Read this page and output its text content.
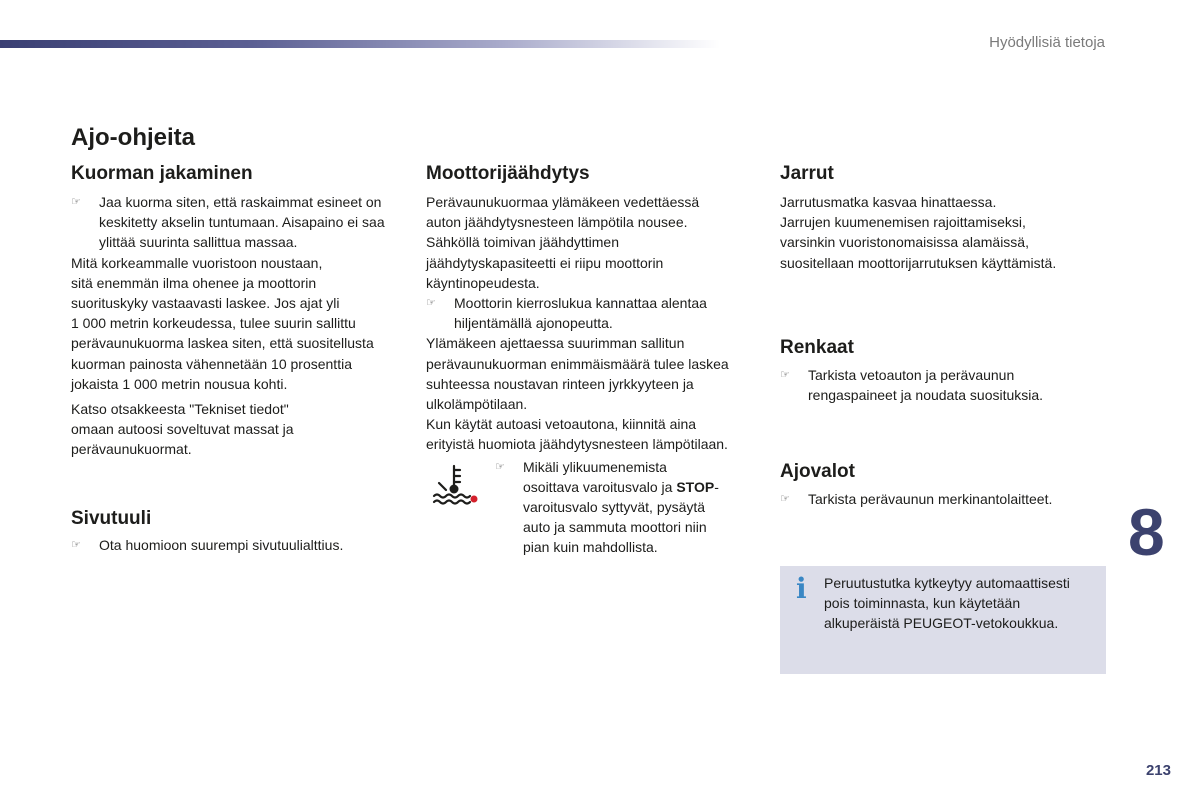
Hyödyllisiä tietoja
Ajo-ohjeita
Kuorman jakaminen
☞ Jaa kuorma siten, että raskaimmat esineet on
keskitetty akselin tuntumaan. Aisapaino ei saa
ylittää suurinta sallittua massaa.

Mitä korkeammalle vuoristoon noustaan,
sitä enemmän ilma ohenee ja moottorin
suorituskyky vastaavasti laskee. Jos ajat yli
1 000 metrin korkeudessa, tulee suurin sallittu
perävaunukuorma laskea siten, että suositellusta
kuorman painosta vähennetään 10 prosenttia
jokaista 1 000 metrin nousua kohti.

Katso otsakkeesta "Tekniset tiedot"
omaan autoosi soveltuvat massat ja
perävaunukuormat.

Sivutuuli
☞ Ota huomioon suurempi sivutuulialttius.
Moottorijäähdytys

Perävaunukuormaa ylämäkeen vedettäessä
auton jäähdytysnesteen lämpötila nousee.
Sähköllä toimivan jäähdyttimen
jäähdytyskapasiteetti ei riipu moottorin
käyntinopeudesta.

☞ Moottorin kierroslukua kannattaa alentaa
hiljentämällä ajonopeutta.

Ylämäkeen ajettaessa suurimman sallitun
perävaunukuorman enimmäismäärä tulee laskea
suhteessa noustavan rinteen jyrkkyyteen ja
ulkolämpötilaan.
Kun käytät autoasi vetoautona, kiinnitä aina
erityistä huomiota jäähdytysnesteen lämpötilaan.

☞ Mikäli ylikuumenemista
osoittava varoitusvalo ja STOP-
varoitusvalo syttyvät, pysäytä
auto ja sammuta moottori niin
pian kuin mahdollista.
Jarrut

Jarrutusmatka kasvaa hinattaessa.
Jarrujen kuumenemisen rajoittamiseksi,
varsinkin vuoristonomaisissa alamäissä,
suositellaan moottorijarrutuksen käyttämistä.

Renkaat
☞ Tarkista vetoauton ja perävaunun
rengaspaineet ja noudata suosituksia.
Ajovalot
☞ Tarkista perävaunun merkinantolaitteet.
i Peruutustutka kytkeytyy automaattisesti
pois toiminnasta, kun käytetään
alkuperäistä PEUGEOT-vetokoukkua.
8
213
